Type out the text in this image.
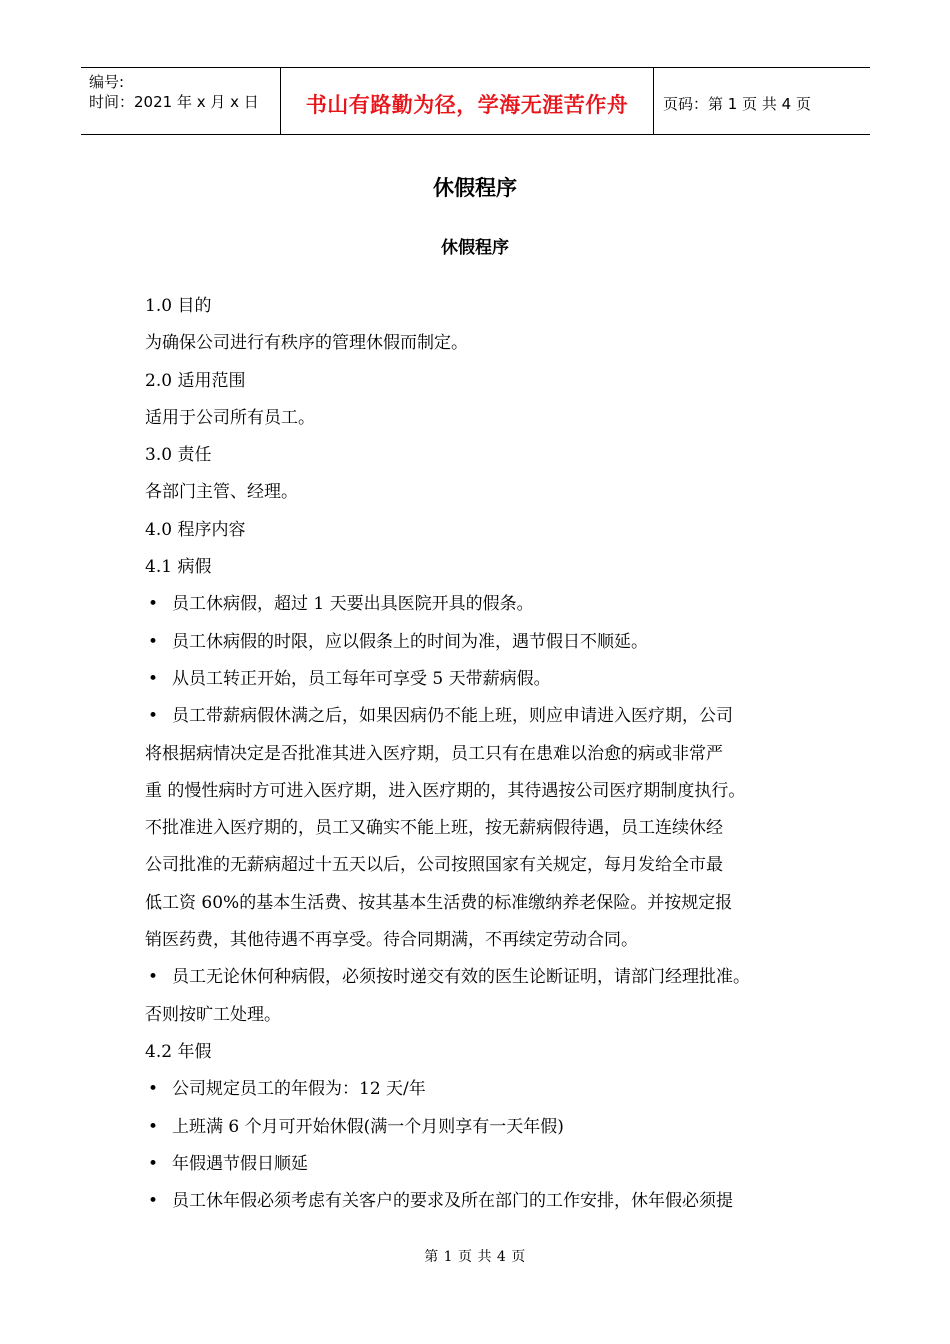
编号:
时间：2021 年 x 月 x 日	书山有路勤为径，学海无涯苦作舟 页码：第 1 页 共 4 页
休假程序
休假程序
1.0 目的
为确保公司进行有秩序的管理休假而制定。
2.0 适用范围
适用于公司所有员工。
3.0 责任
各部门主管、经理。
4.0 程序内容
4.1 病假
• 员工休病假，超过 1 天要出具医院开具的假条。
• 员工休病假的时限，应以假条上的时间为准，遇节假日不顺延。
• 从员工转正开始，员工每年可享受 5 天带薪病假。
• 员工带薪病假休满之后，如果因病仍不能上班，则应申请进入医疗期，公司
将根据病情决定是否批准其进入医疗期，员工只有在患难以治愈的病或非常严
重 的慢性病时方可进入医疗期，进入医疗期的，其待遇按公司医疗期制度执行。
不批准进入医疗期的，员工又确实不能上班，按无薪病假待遇，员工连续休经
公司批准的无薪病超过十五天以后，公司按照国家有关规定，每月发给全市最
低工资 60%的基本生活费、按其基本生活费的标准缴纳养老保险。并按规定报
销医药费，其他待遇不再享受。待合同期满，不再续定劳动合同。
• 员工无论休何种病假，必须按时递交有效的医生论断证明，请部门经理批准。
否则按旷工处理。
4.2 年假
• 公司规定员工的年假为：12 天/年
• 上班满 6 个月可开始休假(满一个月则享有一天年假)
• 年假遇节假日顺延
• 员工休年假必须考虑有关客户的要求及所在部门的工作安排，休年假必须提
第 1 页 共 4 页
